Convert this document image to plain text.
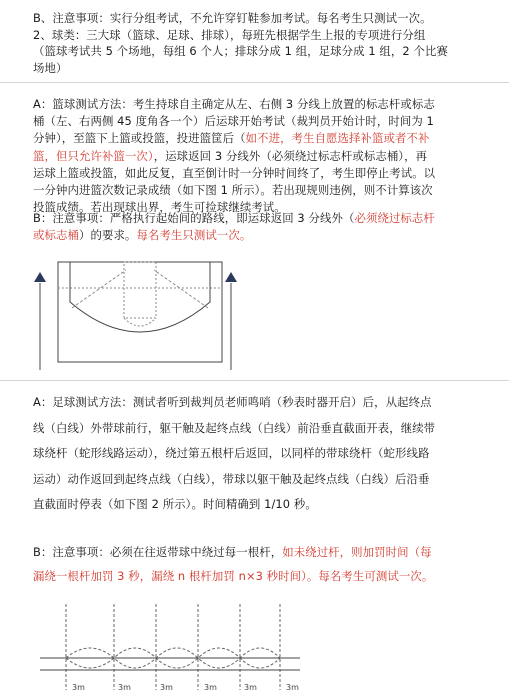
B、注意事项：实行分组考试，不允许穿钉鞋参加考试。每名考生只测试一次。
2、球类：三大球（篮球、足球、排球），每班先根据学生上报的专项进行分组
（篮球考试共 5 个场地，每组 6 个人；排球分成 1 组，足球分成 1 组，2 个比赛
场地）
A：篮球测试方法：考生持球自主确定从左、右侧 3 分线上放置的标志杆或标志
桶（左、右两侧 45 度角各一个）后运球开始考试（裁判员开始计时，时间为 1
分钟），至篮下上篮或投篮，投进篮筐后（如不进，考生自愿选择补篮或者不补
篮，但只允许补篮一次），运球返回 3 分线外（必须绕过标志杆或标志桶），再
运球上篮或投篮，如此反复，直至倒计时一分钟时间终了，考生即停止考试。以
一分钟内进篮次数记录成绩（如下图 1 所示）。若出现规则违例，则不计算该次
投篮成绩。若出现球出界，考生可捡球继续考试。
B：注意事项：严格执行起始间的路线，即运球返回 3 分线外（必须绕过标志杆
或标志桶）的要求。每名考生只测试一次。
A：足球测试方法：测试者听到裁判员老师鸣哨（秒表时器开启）后，从起终点
线（白线）外带球前行，躯干触及起终点线（白线）前沿垂直截面开表，继续带
球绕杆（蛇形线路运动），绕过第五根杆后返回，以同样的带球绕杆（蛇形线路
运动）动作返回到起终点线（白线），带球以躯干触及起终点线（白线）后沿垂
直截面时停表（如下图 2 所示）。时间精确到 1/10 秒。
B：注意事项：必须在往返带球中绕过每一根杆，如未绕过杆，则加罚时间（每
漏绕一根杆加罚 3 秒，漏绕 n 根杆加罚 n×3 秒时间）。每名考生可测试一次。
3m	3m	3m	3m	3m	3m
